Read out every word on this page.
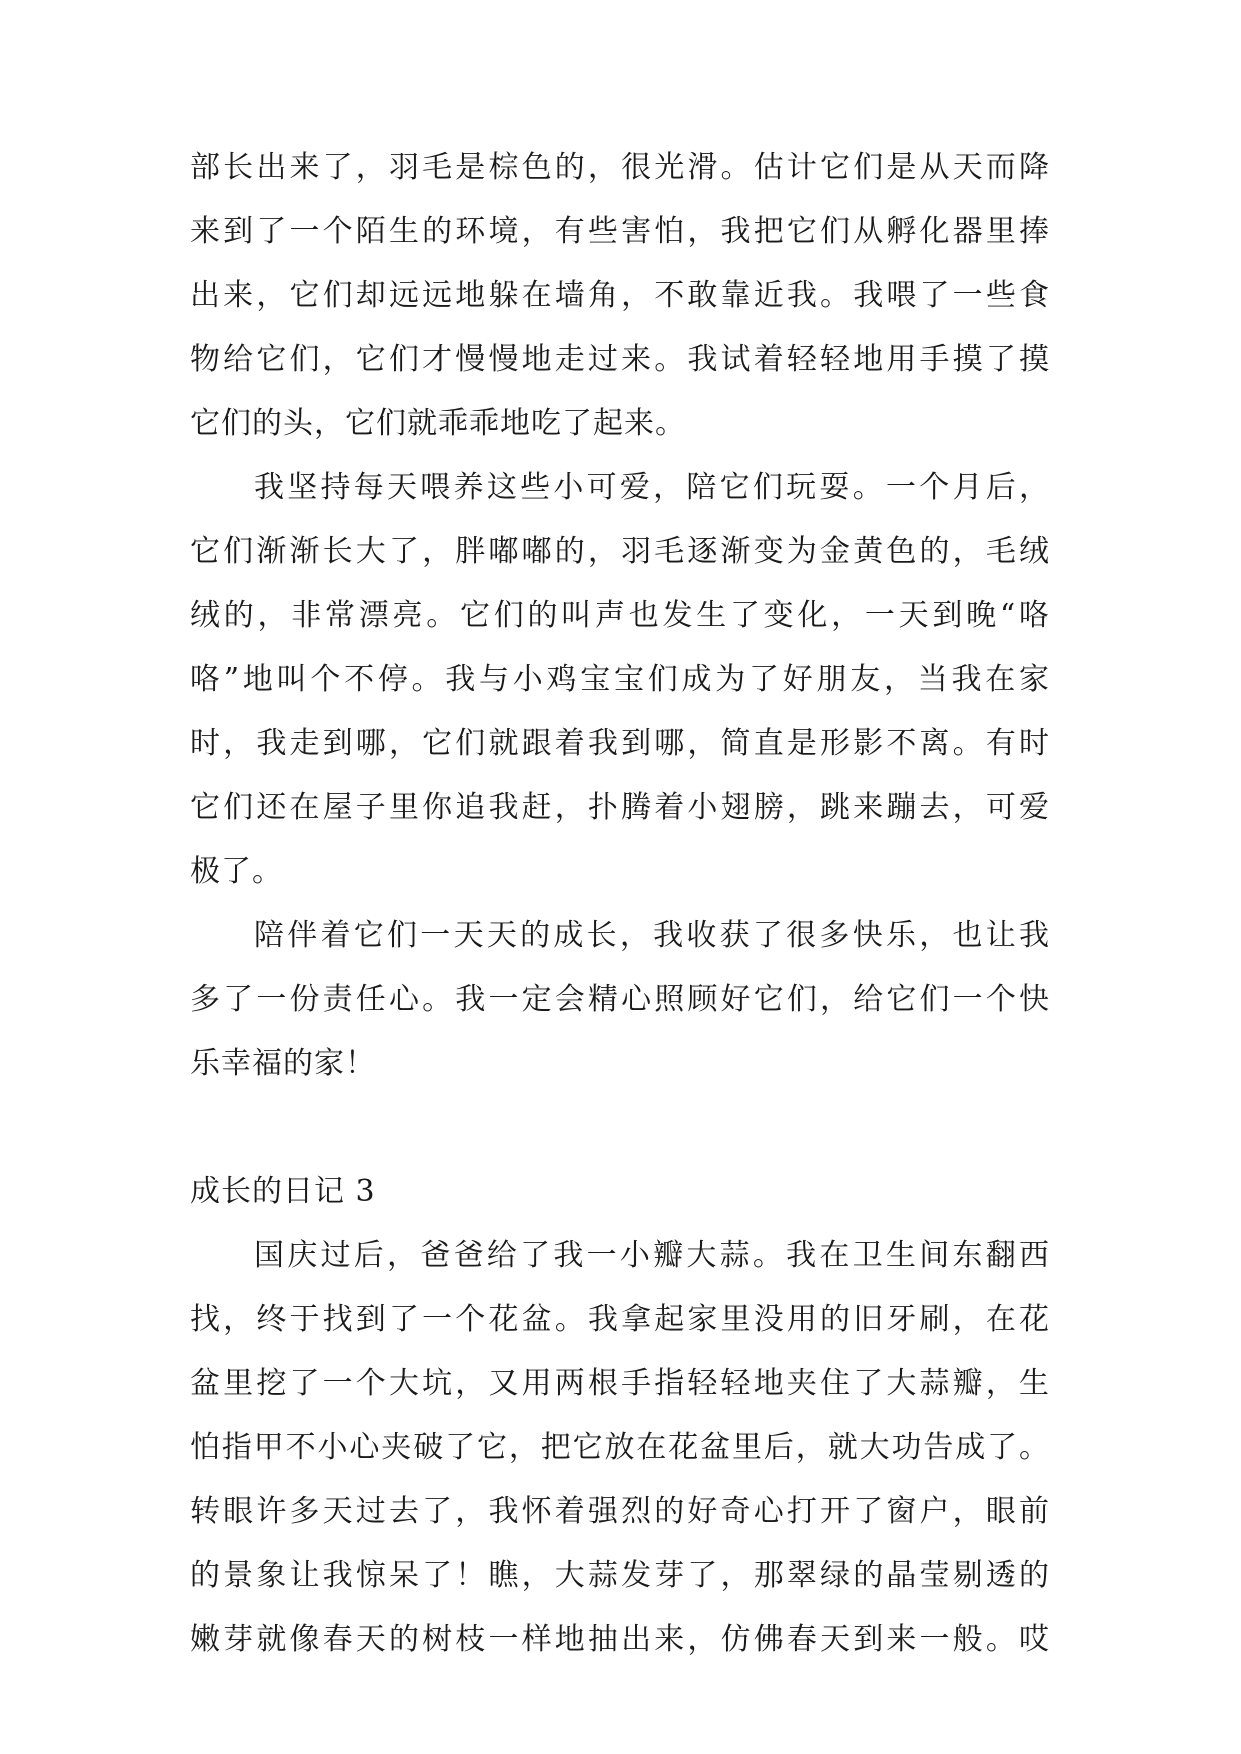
部长出来了，羽毛是棕色的，很光滑。估计它们是从天而降
来到了一个陌生的环境，有些害怕，我把它们从孵化器里捧
出来，它们却远远地躲在墙角，不敢靠近我。我喂了一些食
物给它们，它们才慢慢地走过来。我试着轻轻地用手摸了摸
它们的头，它们就乖乖地吃了起来。
我坚持每天喂养这些小可爱，陪它们玩耍。一个月后，
它们渐渐长大了，胖嘟嘟的，羽毛逐渐变为金黄色的，毛绒
绒的，非常漂亮。它们的叫声也发生了变化，一天到晚“咯
咯”地叫个不停。我与小鸡宝宝们成为了好朋友，当我在家
时，我走到哪，它们就跟着我到哪，简直是形影不离。有时
它们还在屋子里你追我赶，扑腾着小翅膀，跳来蹦去，可爱
极了。
陪伴着它们一天天的成长，我收获了很多快乐，也让我
多了一份责任心。我一定会精心照顾好它们，给它们一个快
乐幸福的家！
成长的日记 3
国庆过后，爸爸给了我一小瓣大蒜。我在卫生间东翻西
找，终于找到了一个花盆。我拿起家里没用的旧牙刷，在花
盆里挖了一个大坑，又用两根手指轻轻地夹住了大蒜瓣，生
怕指甲不小心夹破了它，把它放在花盆里后，就大功告成了。
转眼许多天过去了，我怀着强烈的好奇心打开了窗户，眼前
的景象让我惊呆了！瞧，大蒜发芽了，那翠绿的晶莹剔透的
嫩芽就像春天的树枝一样地抽出来，仿佛春天到来一般。哎
